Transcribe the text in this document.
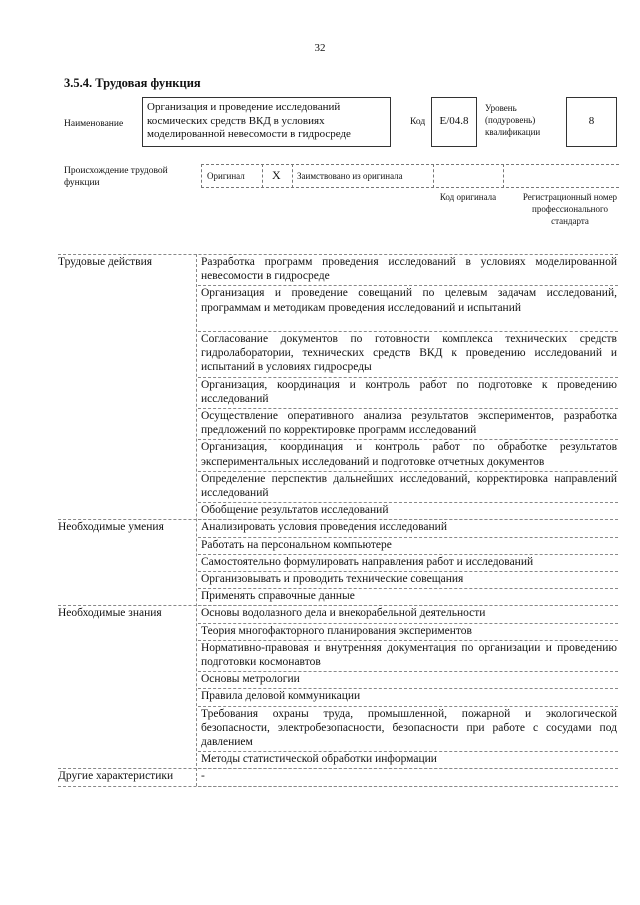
32
3.5.4. Трудовая функция
Наименование
Организация и проведение исследований космических средств ВКД в условиях моделированной невесомости в гидросреде
Код	E/04.8
Уровень (подуровень) квалификации
8
Происхождение трудовой функции
Оригинал X Заимствовано из оригинала
Код оригинала	Регистрационный номер профессионального стандарта
Трудовые действия	Разработка программ проведения исследований в условиях моделированной невесомости в гидросреде
Организация и проведение совещаний по целевым задачам исследований, программам и методикам проведения исследований и испытаний
Согласование документов по готовности комплекса технических средств гидролаборатории, технических средств ВКД к проведению исследований и испытаний в условиях гидросреды
Организация, координация и контроль работ по подготовке к проведению исследований
Осуществление оперативного анализа результатов экспериментов, разработка предложений по корректировке программ исследований
Организация, координация и контроль работ по обработке результатов экспериментальных исследований и подготовке отчетных документов
Определение перспектив дальнейших исследований, корректировка направлений исследований
Обобщение результатов исследований
Необходимые умения	Анализировать условия проведения исследований
Работать на персональном компьютере
Самостоятельно формулировать направления работ и исследований
Организовывать и проводить технические совещания
Применять справочные данные
Необходимые знания	Основы водолазного дела и внекорабельной деятельности
Теория многофакторного планирования экспериментов
Нормативно-правовая и внутренняя документация по организации и проведению подготовки космонавтов
Основы метрологии
Правила деловой коммуникации
Требования охраны труда, промышленной, пожарной и экологической безопасности, электробезопасности, безопасности при работе с сосудами под давлением
Методы статистической обработки информации
Другие характеристики -
